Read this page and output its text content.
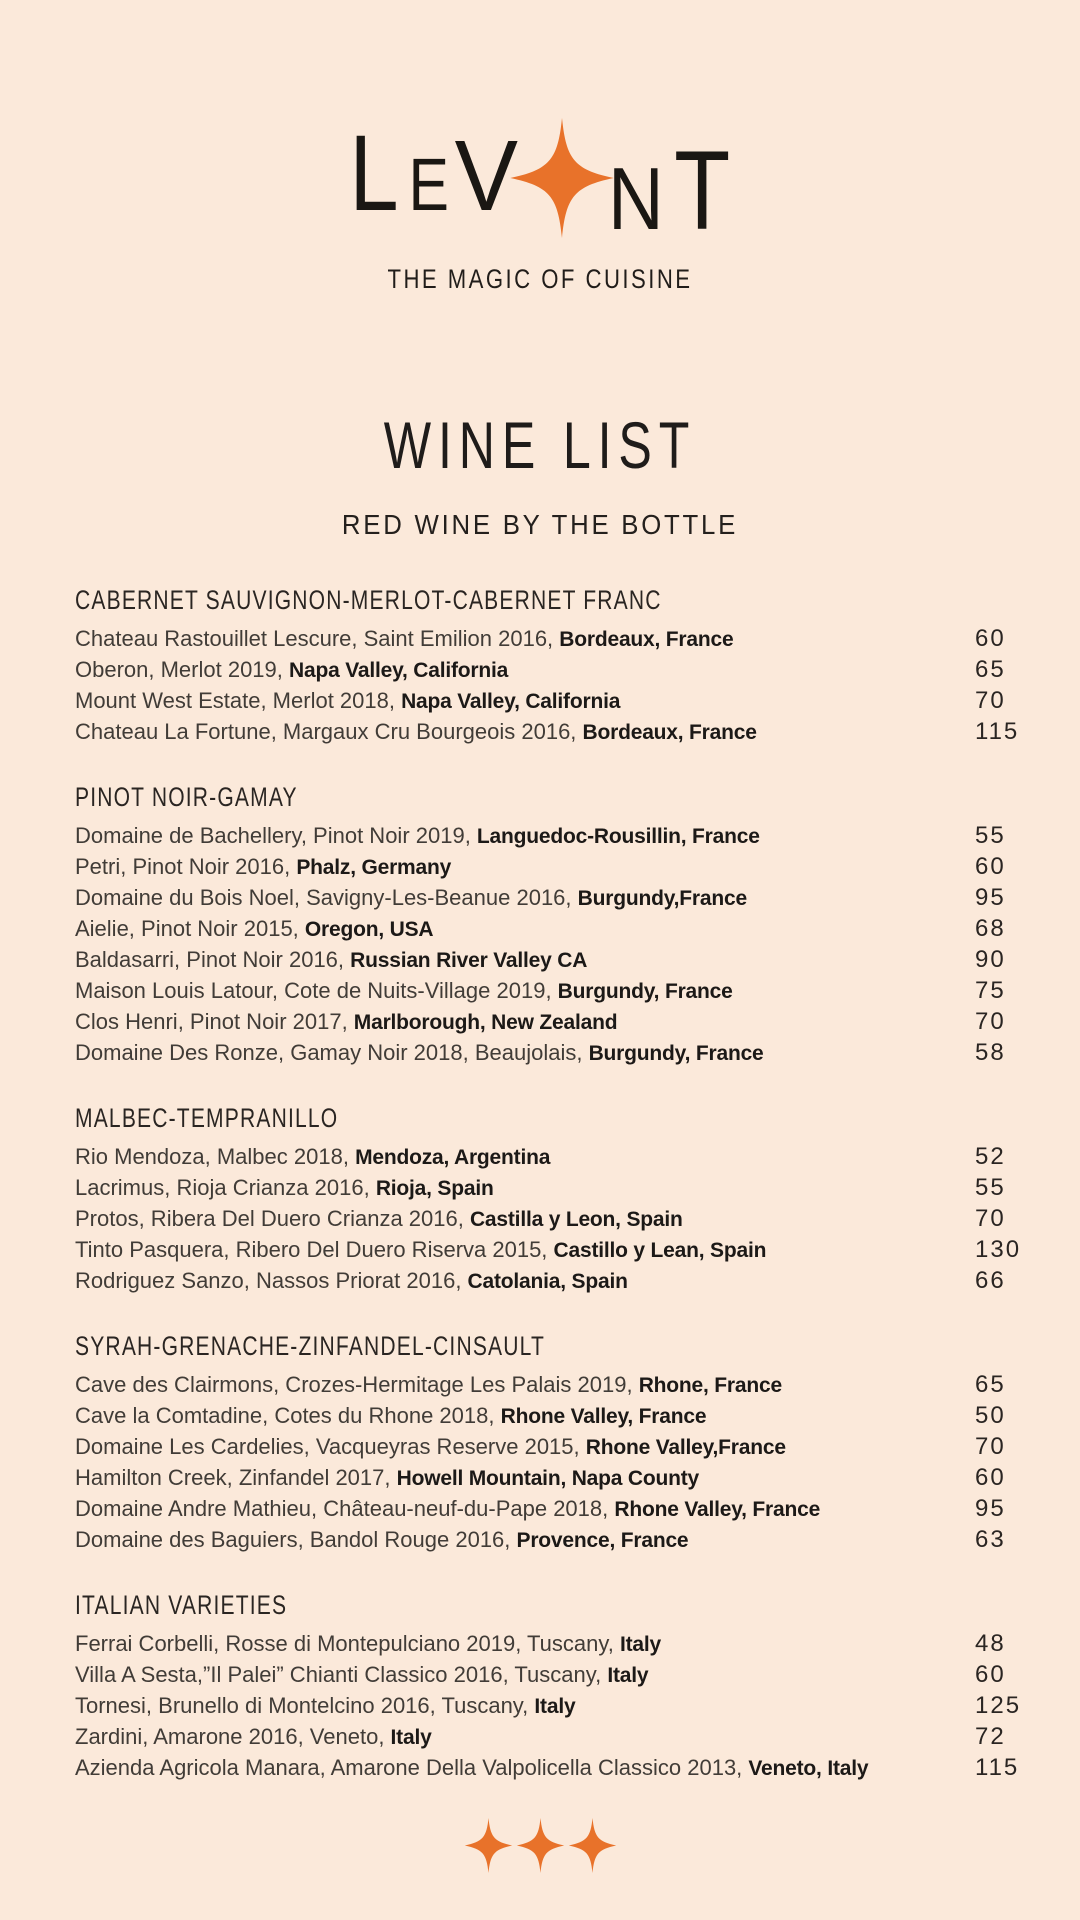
L EV NT
THE MAGIC OF CUISINE
WINE LIST
RED WINE BY THE BOTTLE
CABERNET SAUVIGNON-MERLOT-CABERNET FRANC
Chateau Rastouillet Lescure, Saint Emilion 2016, Bordeaux, France	60
Oberon, Merlot 2019, Napa Valley, California	65
Mount West Estate, Merlot 2018, Napa Valley, California	70
Chateau La Fortune, Margaux Cru Bourgeois 2016, Bordeaux, France	115
PINOT NOIR-GAMAY
Domaine de Bachellery, Pinot Noir 2019, Languedoc-Rousillin, France	55
Petri, Pinot Noir 2016, Phalz, Germany	60
Domaine du Bois Noel, Savigny-Les-Beanue 2016, Burgundy,France	95
Aielie, Pinot Noir 2015, Oregon, USA	68
Baldasarri, Pinot Noir 2016, Russian River Valley CA	90
Maison Louis Latour, Cote de Nuits-Village 2019, Burgundy, France	75
Clos Henri, Pinot Noir 2017, Marlborough, New Zealand	70
Domaine Des Ronze, Gamay Noir 2018, Beaujolais, Burgundy, France	58
MALBEC-TEMPRANILLO
Rio Mendoza, Malbec 2018, Mendoza, Argentina	52
Lacrimus, Rioja Crianza 2016, Rioja, Spain	55
Protos, Ribera Del Duero Crianza 2016, Castilla y Leon, Spain	70
Tinto Pasquera, Ribero Del Duero Riserva 2015, Castillo y Lean, Spain	130
Rodriguez Sanzo, Nassos Priorat 2016, Catolania, Spain	66
SYRAH-GRENACHE-ZINFANDEL-CINSAULT
Cave des Clairmons, Crozes-Hermitage Les Palais 2019, Rhone, France	65
Cave la Comtadine, Cotes du Rhone 2018, Rhone Valley, France	50
Domaine Les Cardelies, Vacqueyras Reserve 2015, Rhone Valley,France	70
Hamilton Creek, Zinfandel 2017, Howell Mountain, Napa County	60
Domaine Andre Mathieu, Château-neuf-du-Pape 2018, Rhone Valley, France	95
Domaine des Baguiers, Bandol Rouge 2016, Provence, France	63
ITALIAN VARIETIES
Ferrai Corbelli, Rosse di Montepulciano 2019, Tuscany, Italy	48
Villa A Sesta,”Il Palei” Chianti Classico 2016, Tuscany, Italy	60
Tornesi, Brunello di Montelcino 2016, Tuscany, Italy	125
Zardini, Amarone 2016, Veneto, Italy	72
Azienda Agricola Manara, Amarone Della Valpolicella Classico 2013, Veneto, Italy	115
